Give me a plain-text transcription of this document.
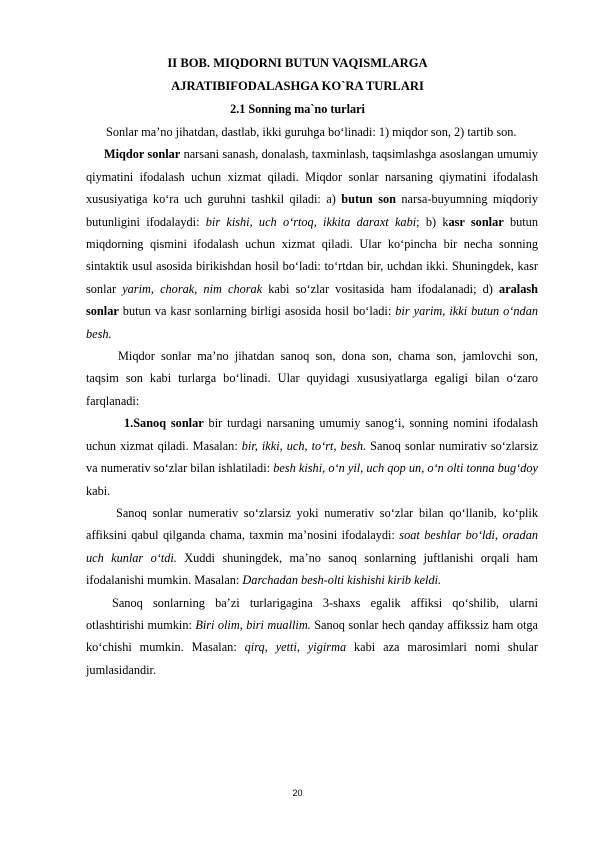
II BOB. MIQDORNI BUTUN VAQISMLARGA
AJRATIBIFODALASHGA KO`RA TURLARI
2.1 Sonning ma`no turlari

Sonlar ma’no jihatdan, dastlab, ikki guruhga bo‘linadi: 1) miqdor son, 2) tartib son.

Miqdor sonlar narsani sanash, donalash, taxminlash, taqsimlashga asoslangan umumiy qiymatini ifodalash uchun xizmat qiladi. Miqdor sonlar narsaning qiymatini ifodalash xususiyatiga ko‘ra uch guruhni tashkil qiladi: a) butun son narsa-buyumning miqdoriy butunligini ifodalaydi: bir kishi, uch o‘rtoq, ikkita daraxt kabi; b) kasr sonlar butun miqdorning qismini ifodalash uchun xizmat qiladi. Ular ko‘pincha bir necha sonning sintaktik usul asosida birikishdan hosil bo‘ladi: to‘rtdan bir, uchdan ikki. Shuningdek, kasr sonlar yarim, chorak, nim chorak kabi so‘zlar vositasida ham ifodalanadi; d) aralash sonlar butun va kasr sonlarning birligi asosida hosil bo‘ladi: bir yarim, ikki butun o‘ndan besh.

Miqdor sonlar ma’no jihatdan sanoq son, dona son, chama son, jamlovchi son, taqsim son kabi turlarga bo‘linadi. Ular quyidagi xususiyatlarga egaligi bilan o‘zaro farqlanadi:

1.Sanoq sonlar bir turdagi narsaning umumiy sanog‘i, sonning nomini ifodalash uchun xizmat qiladi. Masalan: bir, ikki, uch, to‘rt, besh. Sanoq sonlar numirativ so‘zlarsiz va numerativ so‘zlar bilan ishlatiladi: besh kishi, o‘n yil, uch qop un, o‘n olti tonna bug‘doy kabi.

Sanoq sonlar numerativ so‘zlarsiz yoki numerativ so‘zlar bilan qo‘llanib, ko‘plik affiksini qabul qilganda chama, taxmin ma’nosini ifodalaydi: soat beshlar bo‘ldi, oradan uch kunlar o‘tdi. Xuddi shuningdek, ma’no sanoq sonlarning juftlanishi orqali ham ifodalanishi mumkin. Masalan: Darchadan besh-olti kishishi kirib keldi.

Sanoq sonlarning ba’zi turlarigagina 3-shaxs egalik affiksi qo‘shilib, ularni otlashtirishi mumkin: Biri olim, biri muallim. Sanoq sonlar hech qanday affikssiz ham otga ko‘chishi mumkin. Masalan: qirq, yetti, yigirma kabi aza marosimlari nomi shular jumlasidandir.

20
